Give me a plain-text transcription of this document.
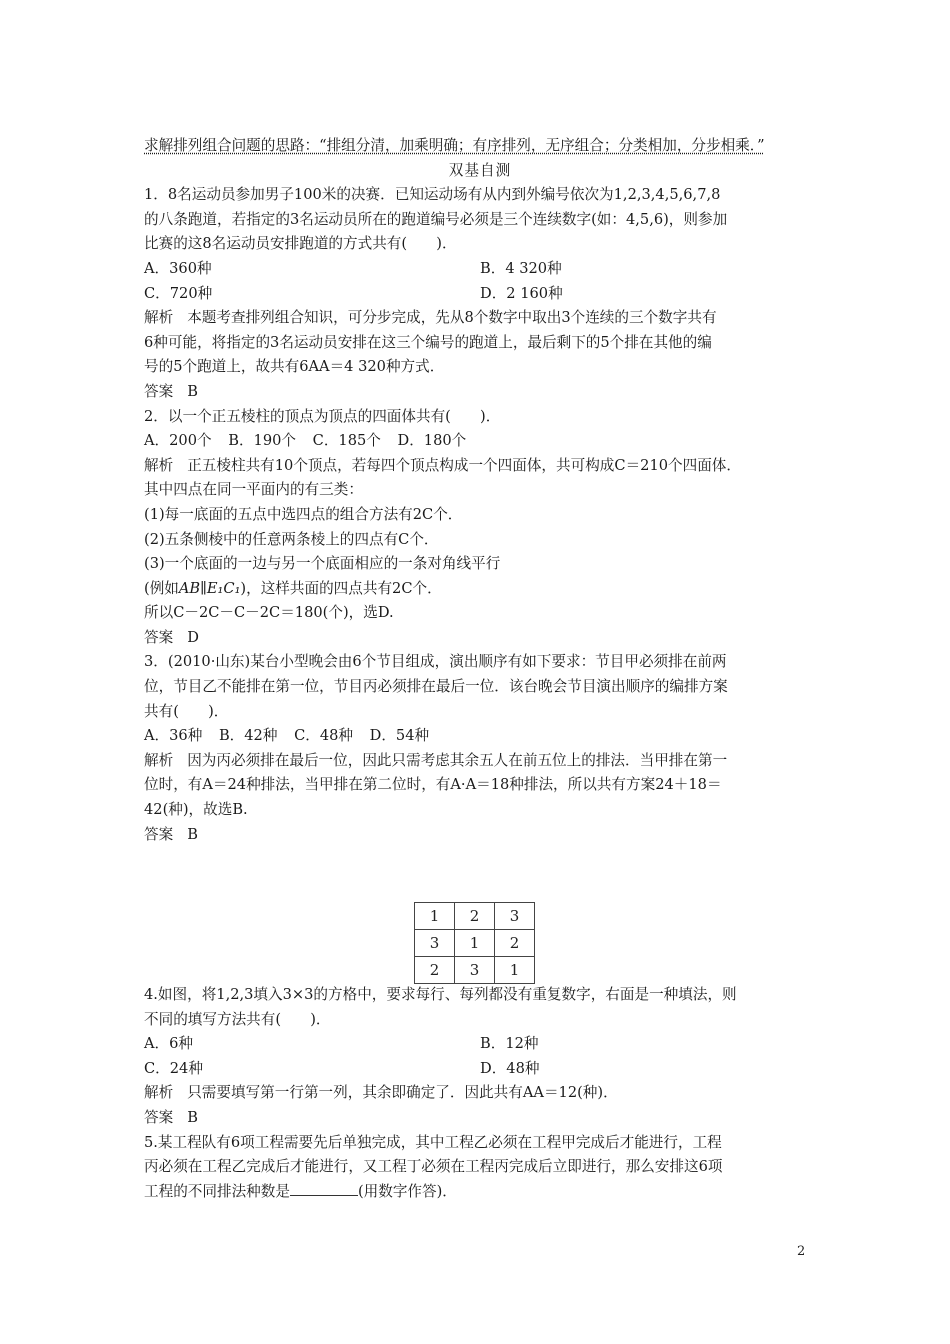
求解排列组合问题的思路：“排组分清，加乘明确；有序排列，无序组合；分类相加，分步相乘．”
双基自测
1．8名运动员参加男子100米的决赛．已知运动场有从内到外编号依次为1,2,3,4,5,6,7,8
的八条跑道，若指定的3名运动员所在的跑道编号必须是三个连续数字(如：4,5,6)，则参加
比赛的这8名运动员安排跑道的方式共有(　　)．
A．360种	B．4 320种
C．720种	D．2 160种
解析 本题考查排列组合知识，可分步完成，先从8个数字中取出3个连续的三个数字共有
6种可能，将指定的3名运动员安排在这三个编号的跑道上，最后剩下的5个排在其他的编
号的5个跑道上，故共有6AA＝4 320种方式．
答案 B
2．以一个正五棱柱的顶点为顶点的四面体共有(　　)．
A．200个 B．190个 C．185个 D．180个
解析 正五棱柱共有10个顶点，若每四个顶点构成一个四面体，共可构成C＝210个四面体．
其中四点在同一平面内的有三类：
(1)每一底面的五点中选四点的组合方法有2C个．
(2)五条侧棱中的任意两条棱上的四点有C个．
(3)一个底面的一边与另一个底面相应的一条对角线平行
(例如AB∥E₁C₁)，这样共面的四点共有2C个．
所以C－2C－C－2C＝180(个)，选D.
答案 D
3．(2010·山东)某台小型晚会由6个节目组成，演出顺序有如下要求：节目甲必须排在前两
位，节目乙不能排在第一位，节目丙必须排在最后一位．该台晚会节目演出顺序的编排方案
共有(　　)．
A．36种 B．42种 C．48种 D．54种
解析 因为丙必须排在最后一位，因此只需考虑其余五人在前五位上的排法．当甲排在第一
位时，有A＝24种排法，当甲排在第二位时，有A·A＝18种排法，所以共有方案24＋18＝
42(种)，故选B.
答案 B
1	2	3
3	1	2
2	3	1
4.如图，将1,2,3填入3×3的方格中，要求每行、每列都没有重复数字，右面是一种填法，则
不同的填写方法共有(　　)．
A．6种	B．12种
C．24种	D．48种
解析 只需要填写第一行第一列，其余即确定了．因此共有AA＝12(种)．
答案 B
5.某工程队有6项工程需要先后单独完成，其中工程乙必须在工程甲完成后才能进行，工程
丙必须在工程乙完成后才能进行，又工程丁必须在工程丙完成后立即进行，那么安排这6项
工程的不同排法种数是	(用数字作答)．
2
